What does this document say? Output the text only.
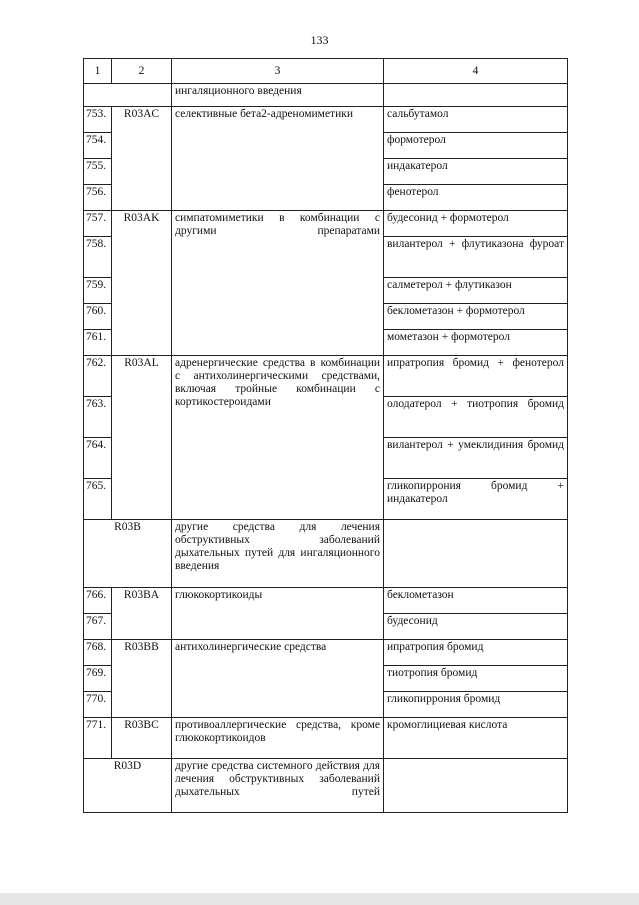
133
1	2	3	4
		ингаляционного введения	
753.	R03AC	селективные бета2-адреномиметики	сальбутамол
754.			формотерол
755.			индакатерол
756.			фенотерол
757.	R03AK	симпатомиметики в комбинации с другими препаратами	будесонид + формотерол
758.			вилантерол + флутиказона фуроат
759.			салметерол + флутиказон
760.			беклометазон + формотерол
761.			мометазон + формотерол
762.	R03AL	адренергические средства в комбинации с антихолинергическими средствами, включая тройные комбинации с кортикостероидами	ипратропия бромид + фенотерол
763.			олодатерол + тиотропия бромид
764.			вилантерол + умеклидиния бромид
765.			гликопиррония бромид + индакатерол
R03B		другие средства для лечения обструктивных заболеваний дыхательных путей для ингаляционного введения	
766.	R03BA	глюкокортикоиды	беклометазон
767.			будесонид
768.	R03BB	антихолинергические средства	ипратропия бромид
769.			тиотропия бромид
770.			гликопиррония бромид
771.	R03BC	противоаллергические средства, кроме глюкокортикоидов	кромоглициевая кислота
R03D		другие средства системного действия для лечения обструктивных заболеваний дыхательных путей	
